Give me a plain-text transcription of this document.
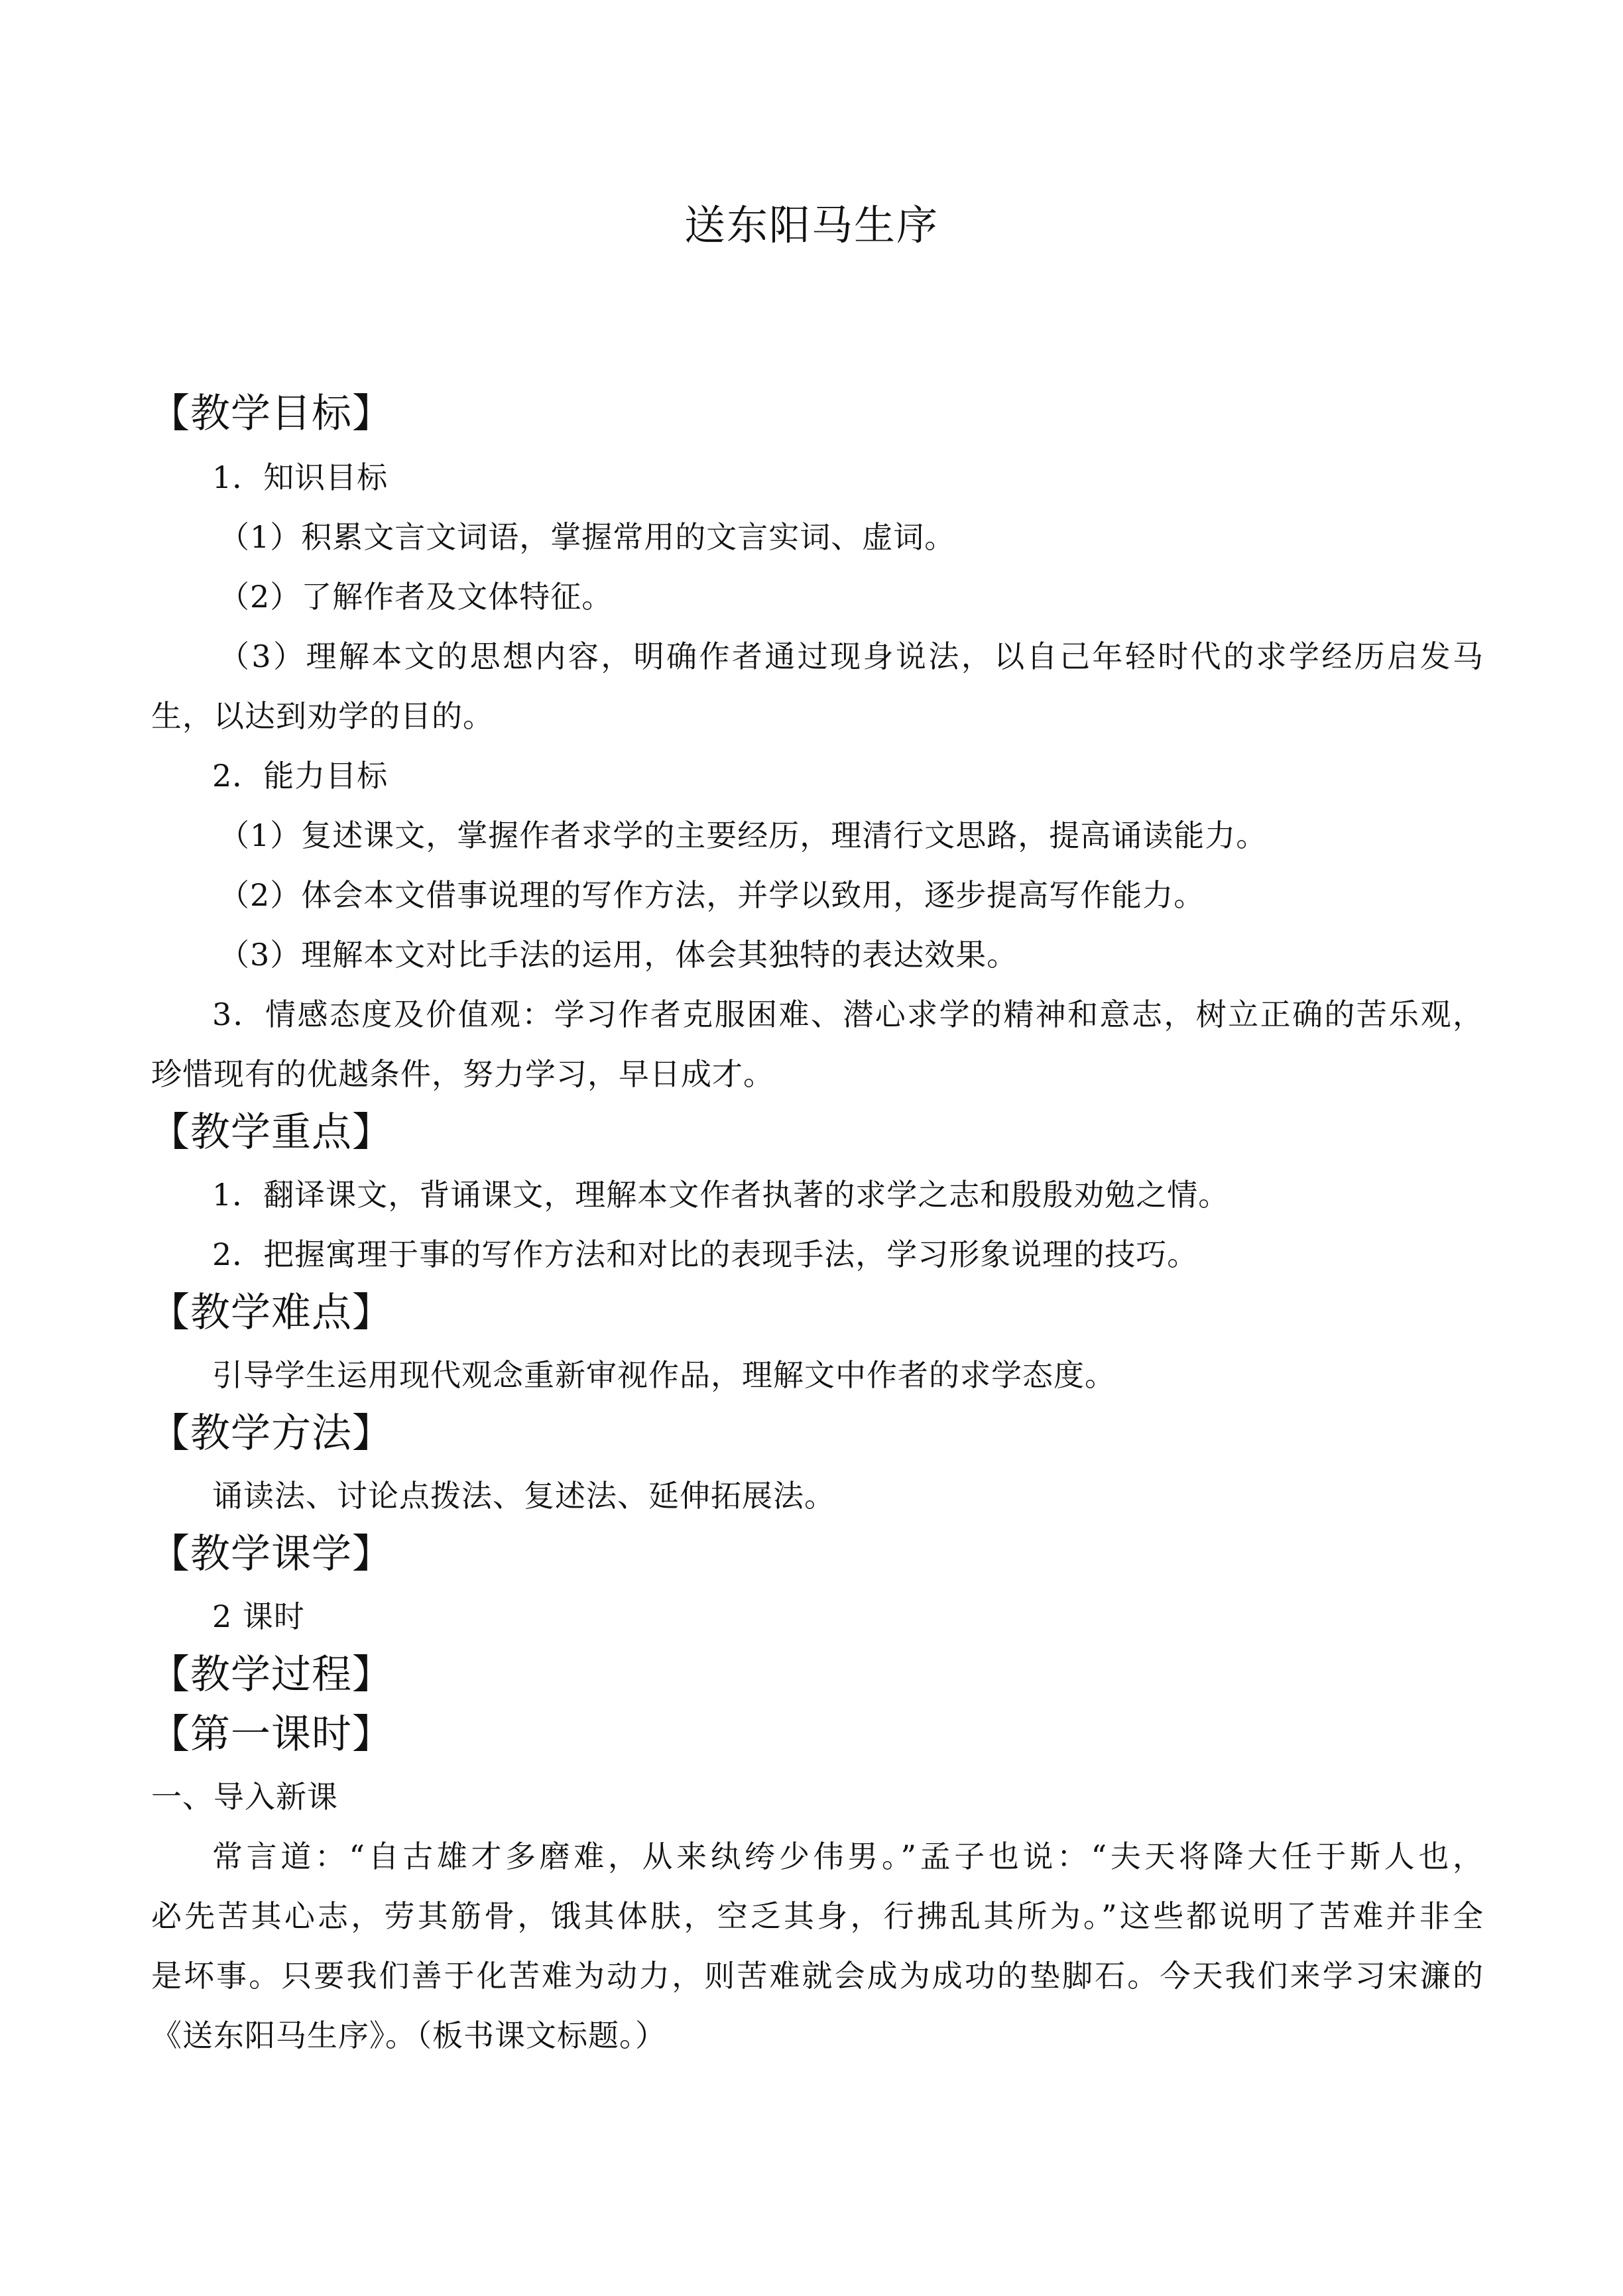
送东阳马生序
【教学目标】
1．知识目标
（1）积累文言文词语，掌握常用的文言实词、虚词。
（2）了解作者及文体特征。
（3）理解本文的思想内容，明确作者通过现身说法，以自己年轻时代的求学经历启发马
生，以达到劝学的目的。
2．能力目标
（1）复述课文，掌握作者求学的主要经历，理清行文思路，提高诵读能力。
（2）体会本文借事说理的写作方法，并学以致用，逐步提高写作能力。
（3）理解本文对比手法的运用，体会其独特的表达效果。
3．情感态度及价值观：学习作者克服困难、潜心求学的精神和意志，树立正确的苦乐观，
珍惜现有的优越条件，努力学习，早日成才。
【教学重点】
1．翻译课文，背诵课文，理解本文作者执著的求学之志和殷殷劝勉之情。
2．把握寓理于事的写作方法和对比的表现手法，学习形象说理的技巧。
【教学难点】
引导学生运用现代观念重新审视作品，理解文中作者的求学态度。
【教学方法】
诵读法、讨论点拨法、复述法、延伸拓展法。
【教学课学】
2 课时
【教学过程】
【第一课时】
一、导入新课
常言道：“自古雄才多磨难，从来纨绔少伟男。”孟子也说：“夫天将降大任于斯人也，
必先苦其心志，劳其筋骨，饿其体肤，空乏其身，行拂乱其所为。”这些都说明了苦难并非全
是坏事。只要我们善于化苦难为动力，则苦难就会成为成功的垫脚石。今天我们来学习宋濂的
《送东阳马生序》。（板书课文标题。）
